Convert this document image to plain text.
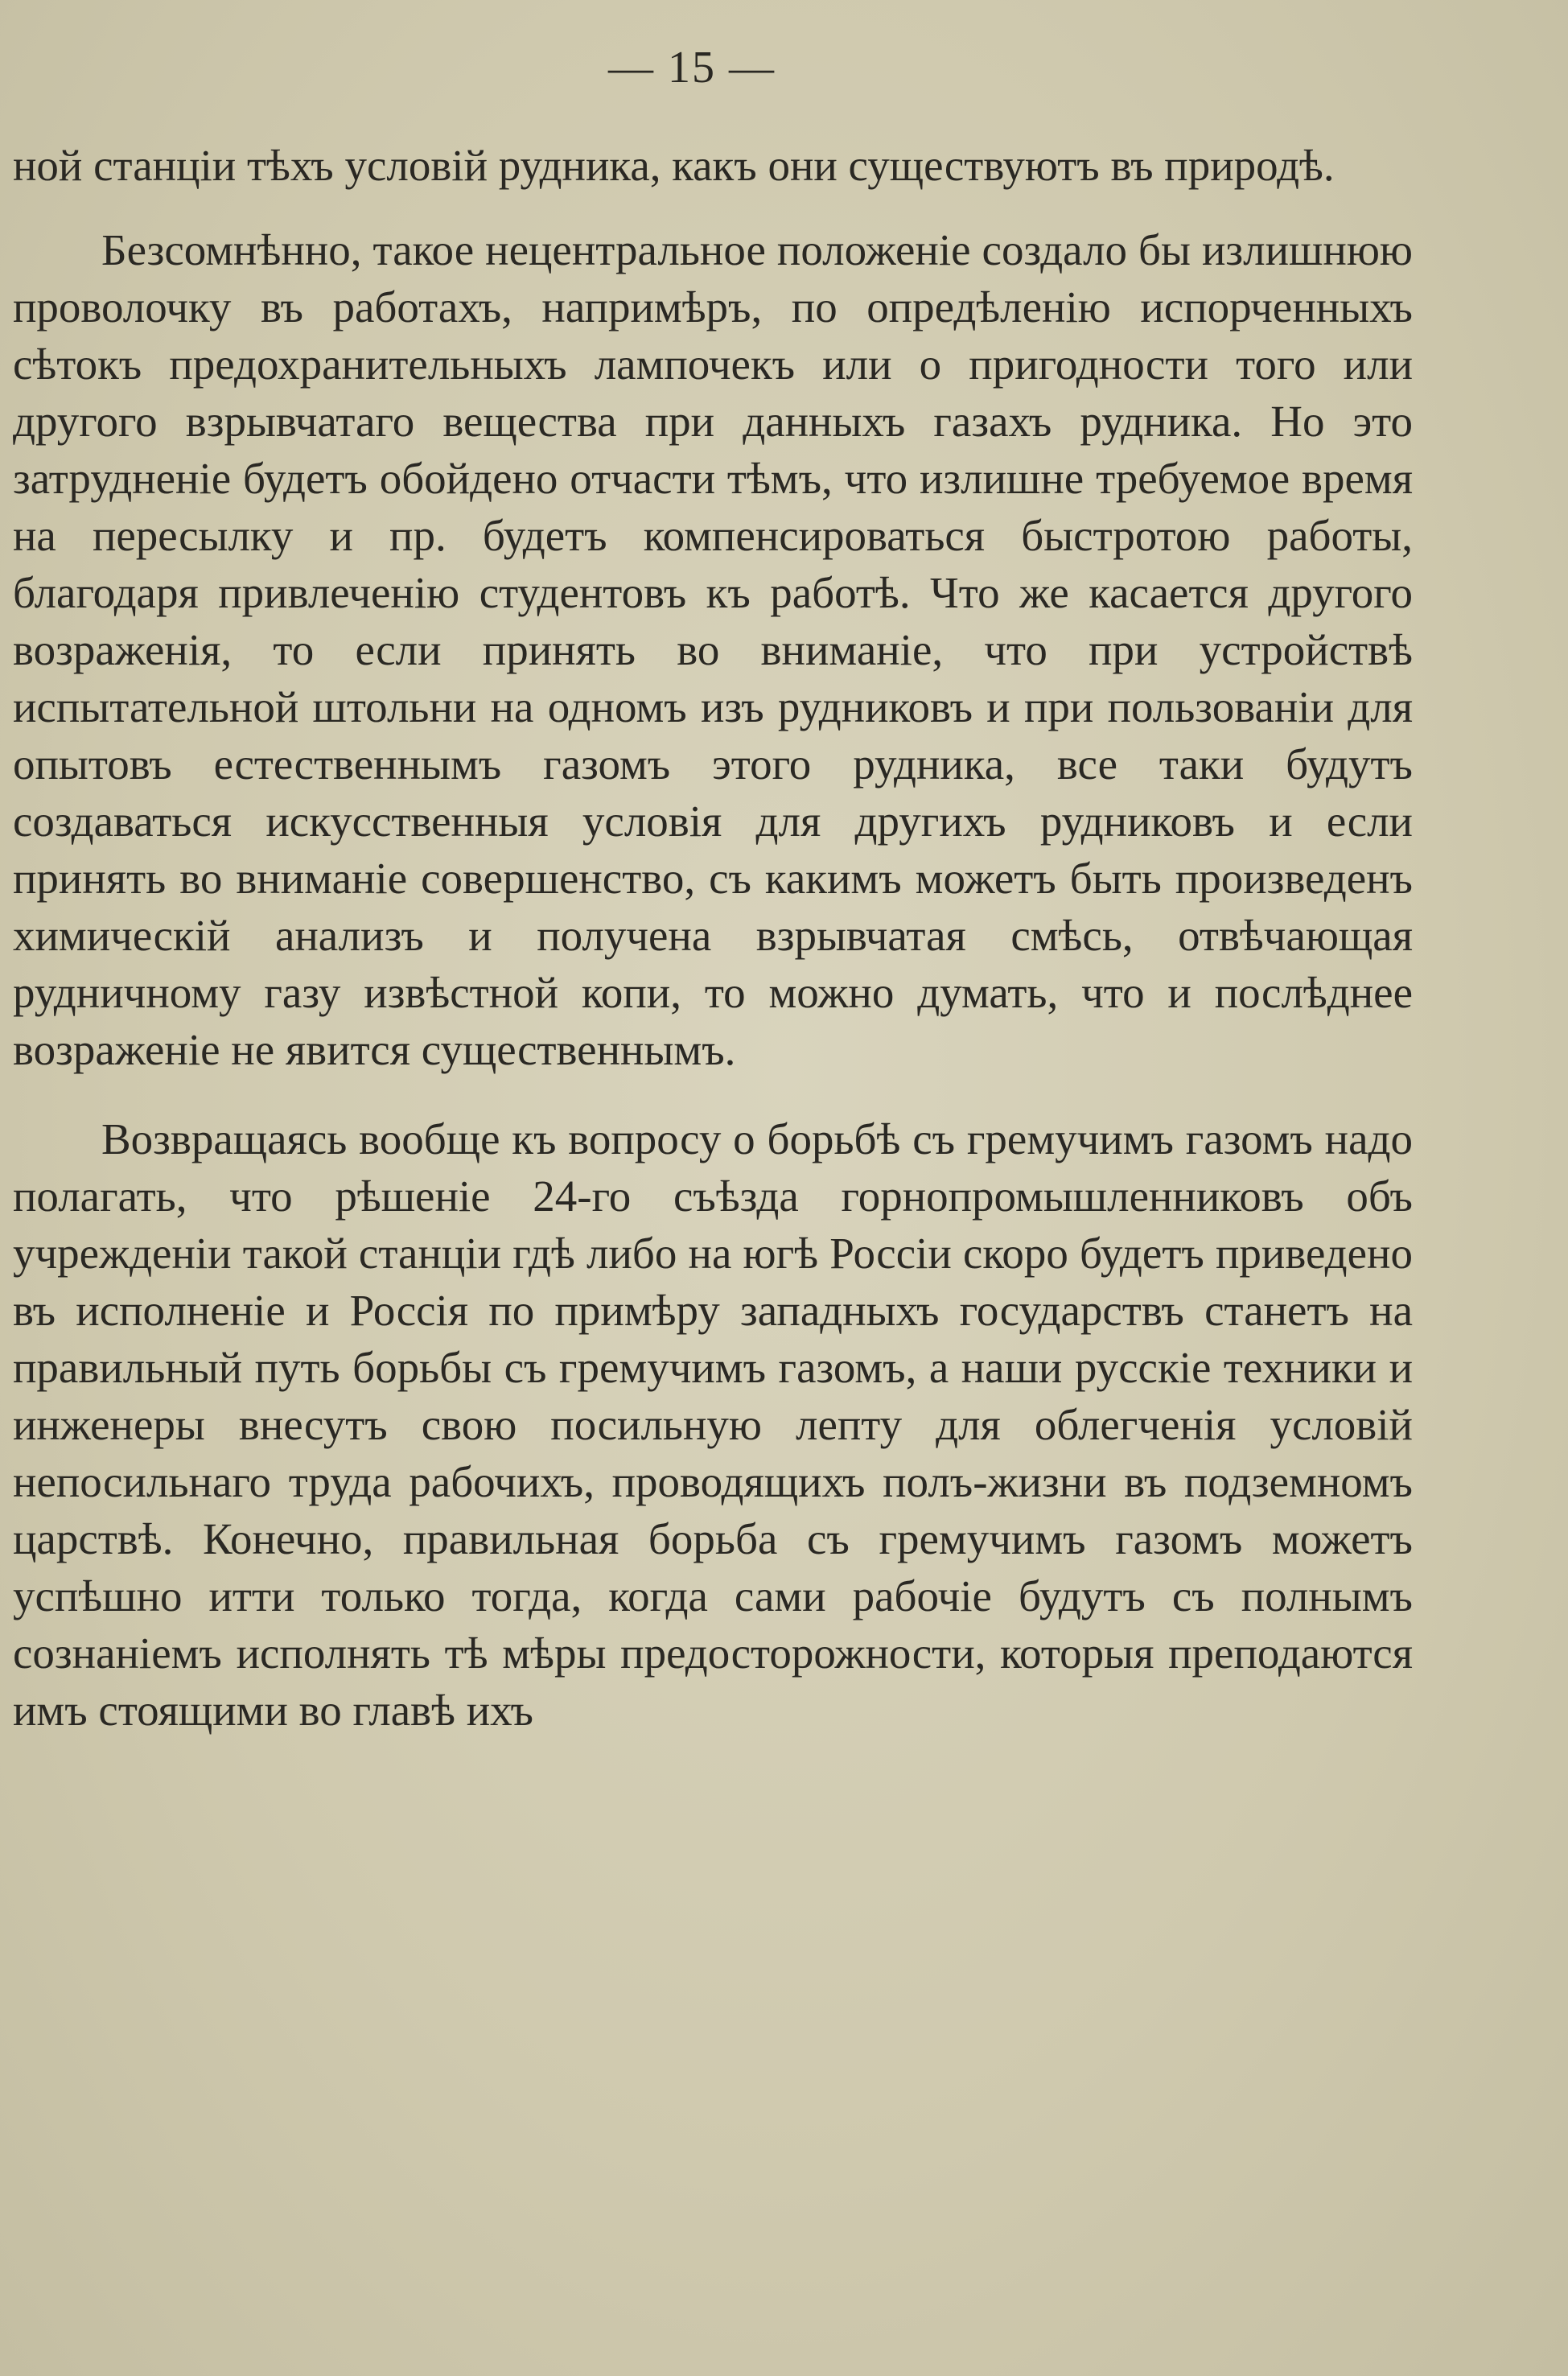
— 15 —

ной станціи тѣхъ условій рудника, какъ они существуютъ въ природѣ.

Безсомнѣнно, такое нецентральное положеніе создало бы излишнюю проволочку въ работахъ, напримѣръ, по опредѣленію испорченныхъ сѣтокъ предохранительныхъ лампочекъ или о пригодности того или другого взрывчатаго вещества при данныхъ газахъ рудника. Но это затрудненіе будетъ обойдено отчасти тѣмъ, что излишне требуемое время на пересылку и пр. будетъ компенсироваться быстротою работы, благодаря привлеченію студентовъ къ работѣ. Что же касается другого возраженія, то если принять во вниманіе, что при устройствѣ испытательной штольни на одномъ изъ рудниковъ и при пользованіи для опытовъ естественнымъ газомъ этого рудника, все таки будутъ создаваться искусственныя условія для другихъ рудниковъ и если принять во вниманіе совершенство, съ какимъ можетъ быть произведенъ химическій анализъ и получена взрывчатая смѣсь, отвѣчающая рудничному газу извѣстной копи, то можно думать, что и послѣднее возраженіе не явится существеннымъ.

Возвращаясь вообще къ вопросу о борьбѣ съ гремучимъ газомъ надо полагать, что рѣшеніе 24-го съѣзда горнопромышленниковъ объ учрежденіи такой станціи гдѣ либо на югѣ Россіи скоро будетъ приведено въ исполненіе и Россія по примѣру западныхъ государствъ станетъ на правильный путь борьбы съ гремучимъ газомъ, а наши русскіе техники и инженеры внесутъ свою посильную лепту для облегченія условій непосильнаго труда рабочихъ, проводящихъ полъ-жизни въ подземномъ царствѣ. Конечно, правильная борьба съ гремучимъ газомъ можетъ успѣшно итти только тогда, когда сами рабочіе будутъ съ полнымъ сознаніемъ исполнять тѣ мѣры предосторожности, которыя преподаются имъ стоящими во главѣ ихъ
